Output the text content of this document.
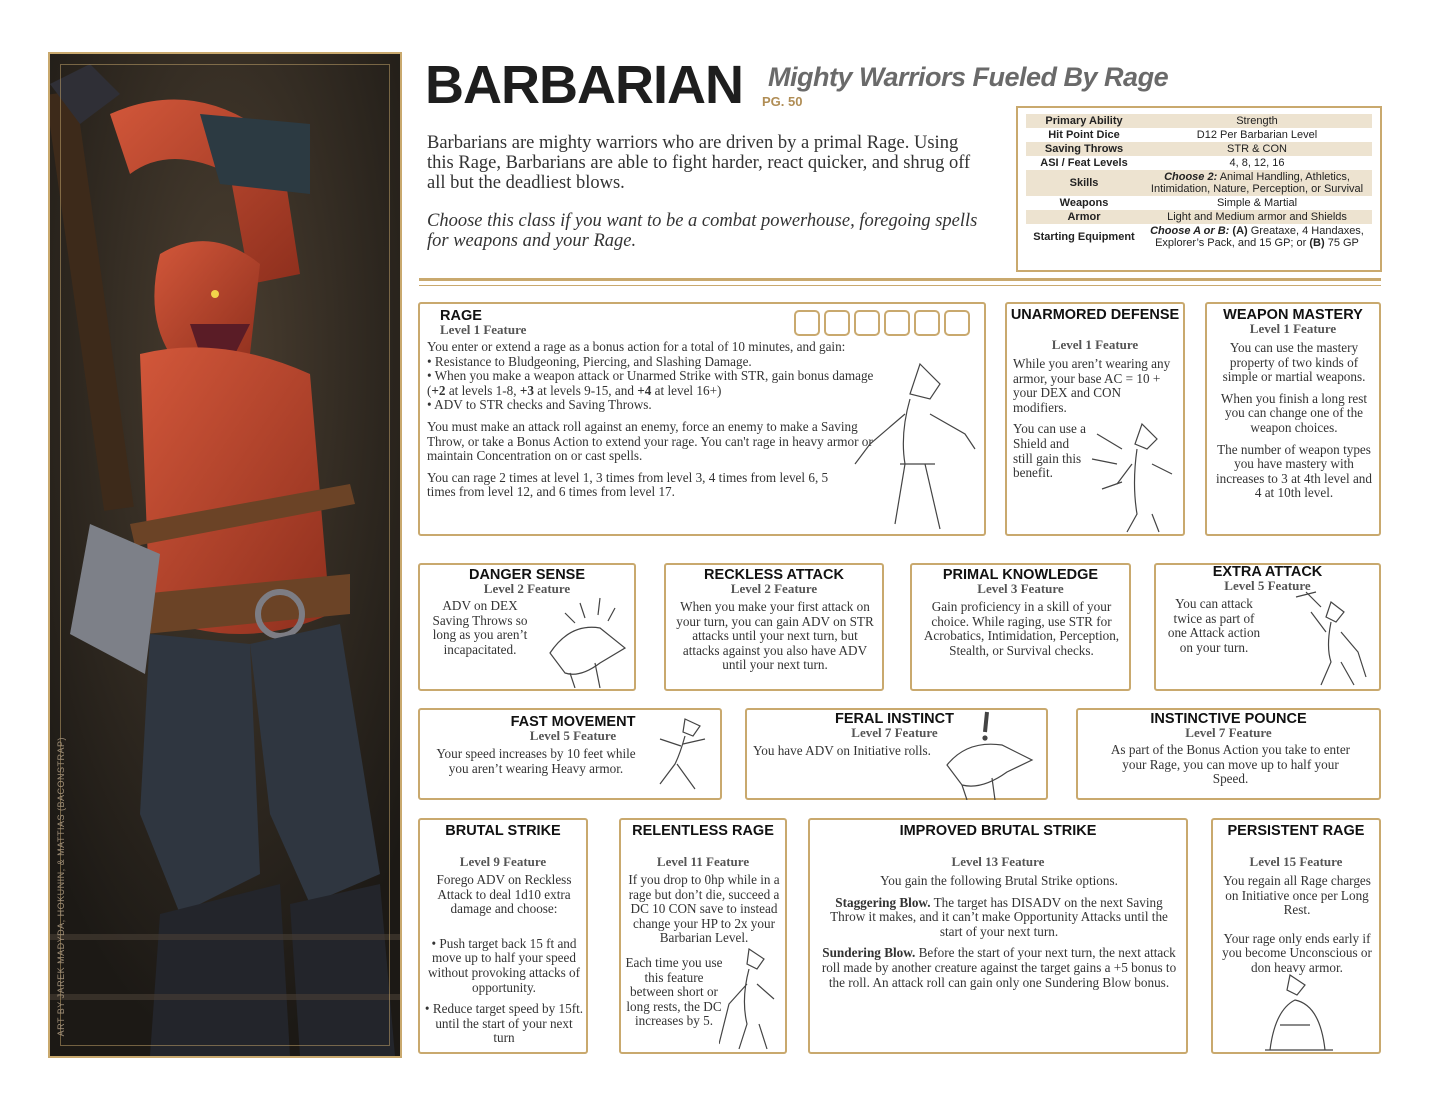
ART BY JAREK MADYDA, HOKUNIN, & MATTIAS (BACONSTRAP)
BARBARIAN Mighty Warriors Fueled By Rage
PG. 50

Barbarians are mighty warriors who are driven by a primal Rage. Using this Rage, Barbarians are able to fight harder, react quicker, and shrug off all but the deadliest blows.

Choose this class if you want to be a combat powerhouse, foregoing spells for weapons and your Rage.

Primary Ability	Strength
Hit Point Dice	D12 Per Barbarian Level
Saving Throws	STR & CON
ASI / Feat Levels	4, 8, 12, 16
Skills	Choose 2: Animal Handling, Athletics, Intimidation, Nature, Perception, or Survival
Weapons	Simple & Martial
Armor	Light and Medium armor and Shields
Starting Equipment	Choose A or B: (A) Greataxe, 4 Handaxes, Explorer’s Pack, and 15 GP; or (B) 75 GP
RAGE
Level 1 Feature
You enter or extend a rage as a bonus action for a total of 10 minutes, and gain:
• Resistance to Bludgeoning, Piercing, and Slashing Damage.
• When you make a weapon attack or Unarmed Strike with STR, gain bonus damage (+2 at levels 1-8, +3 at levels 9-15, and +4 at level 16+)
• ADV to STR checks and Saving Throws.

You must make an attack roll against an enemy, force an enemy to make a Saving Throw, or take a Bonus Action to extend your rage. You can't rage in heavy armor or maintain Concentration on or cast spells.

You can rage 2 times at level 1, 3 times from level 3, 4 times from level 6, 5 times from level 12, and 6 times from level 17.

UNARMORED DEFENSE
Level 1 Feature

While you aren’t wearing any armor, your base AC = 10 + your DEX and CON modifiers.

You can use a Shield and still gain this benefit.

WEAPON MASTERY
Level 1 Feature

You can use the mastery property of two kinds of simple or martial weapons.

When you finish a long rest you can change one of the weapon choices.

The number of weapon types you have mastery with increases to 3 at 4th level and 4 at 10th level.

DANGER SENSE
Level 2 Feature
ADV on DEX Saving Throws so long as you aren’t incapacitated.
RECKLESS ATTACK
Level 2 Feature
When you make your first attack on your turn, you can gain ADV on STR attacks until your next turn, but attacks against you also have ADV until your next turn.
PRIMAL KNOWLEDGE
Level 3 Feature
Gain proficiency in a skill of your choice. While raging, use STR for Acrobatics, Intimidation, Perception, Stealth, or Survival checks.
EXTRA ATTACK
Level 5 Feature
You can attack twice as part of one Attack action on your turn.
FAST MOVEMENT
Level 5 Feature
Your speed increases by 10 feet while you aren’t wearing Heavy armor.
FERAL INSTINCT
Level 7 Feature
You have ADV on Initiative rolls.
INSTINCTIVE POUNCE
Level 7 Feature
As part of the Bonus Action you take to enter your Rage, you can move up to half your Speed.
BRUTAL STRIKE
Level 9 Feature

Forego ADV on Reckless Attack to deal 1d10 extra damage and choose:

• Push target back 15 ft and move up to half your speed without provoking attacks of opportunity.

• Reduce target speed by 15ft. until the start of your next turn

RELENTLESS RAGE
Level 11 Feature

If you drop to 0hp while in a rage but don’t die, succeed a DC 10 CON save to instead change your HP to 2x your Barbarian Level.

Each time you use this feature between short or long rests, the DC increases by 5.
IMPROVED BRUTAL STRIKE
Level 13 Feature

You gain the following Brutal Strike options.

Staggering Blow. The target has DISADV on the next Saving Throw it makes, and it can’t make Opportunity Attacks until the start of your next turn.

Sundering Blow. Before the start of your next turn, the next attack roll made by another creature against the target gains a +5 bonus to the roll. An attack roll can gain only one Sundering Blow bonus.

PERSISTENT RAGE
Level 15 Feature

You regain all Rage charges on Initiative once per Long Rest.

Your rage only ends early if you become Unconscious or don heavy armor.
